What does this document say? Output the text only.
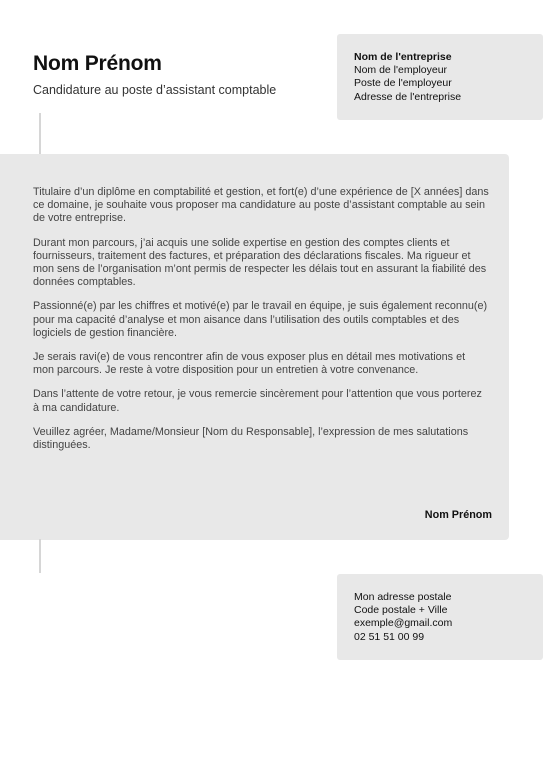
Nom Prénom

Candidature au poste d’assistant comptable

Nom de l'entreprise
Nom de l'employeur
Poste de l'employeur
Adresse de l'entreprise

Titulaire d’un diplôme en comptabilité et gestion, et fort(e) d’une expérience de [X années] dans ce domaine, je souhaite vous proposer ma candidature au poste d’assistant comptable au sein de votre entreprise.

Durant mon parcours, j’ai acquis une solide expertise en gestion des comptes clients et fournisseurs, traitement des factures, et préparation des déclarations fiscales. Ma rigueur et mon sens de l’organisation m’ont permis de respecter les délais tout en assurant la fiabilité des données comptables.

Passionné(e) par les chiffres et motivé(e) par le travail en équipe, je suis également reconnu(e) pour ma capacité d’analyse et mon aisance dans l’utilisation des outils comptables et des logiciels de gestion financière.

Je serais ravi(e) de vous rencontrer afin de vous exposer plus en détail mes motivations et mon parcours. Je reste à votre disposition pour un entretien à votre convenance.

Dans l’attente de votre retour, je vous remercie sincèrement pour l’attention que vous porterez à ma candidature.

Veuillez agréer, Madame/Monsieur [Nom du Responsable], l’expression de mes salutations distinguées.

Nom Prénom
Mon adresse postale
Code postale + Ville
exemple@gmail.com
02 51 51 00 99
